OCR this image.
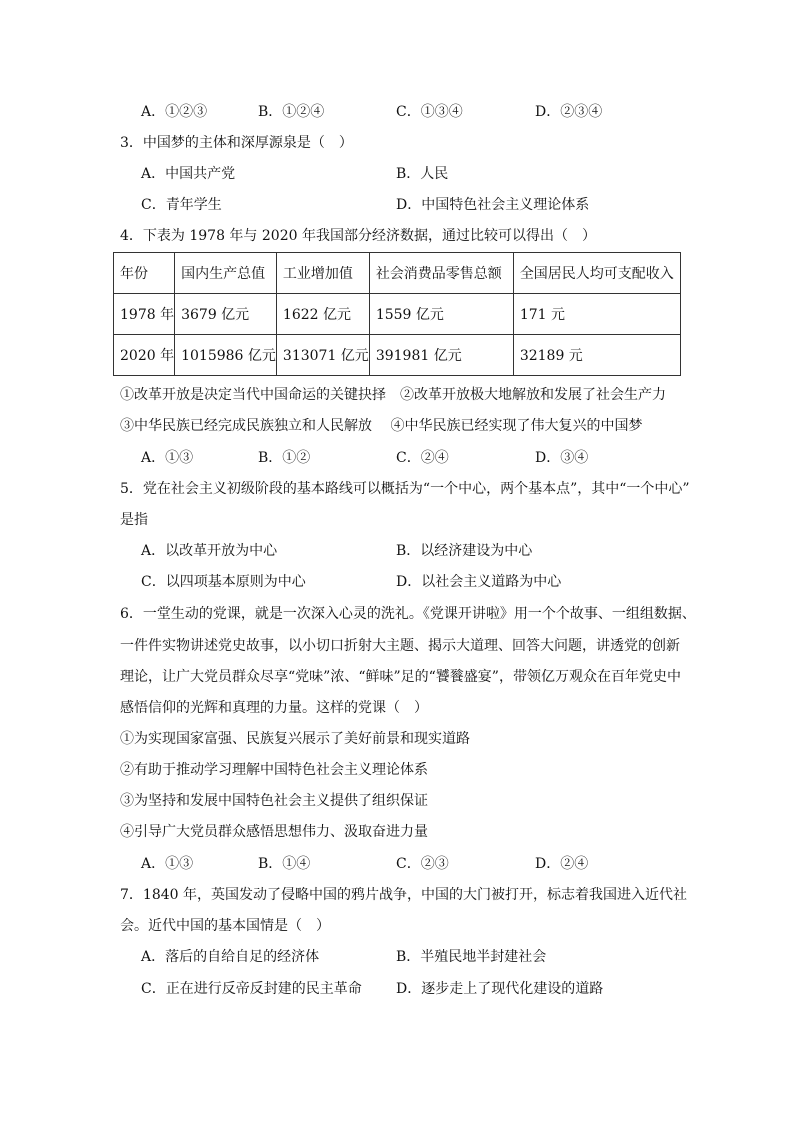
A．①②③	B．①②④	C．①③④	D．②③④
3．中国梦的主体和深厚源泉是（　）
A．中国共产党	B．人民
C．青年学生	D．中国特色社会主义理论体系
4．下表为 1978 年与 2020 年我国部分经济数据，通过比较可以得出（　）
年份	国内生产总值	工业增加值	社会消费品零售总额	全国居民人均可支配收入
1978 年	3679 亿元	1622 亿元	1559 亿元	171 元
2020 年	1015986 亿元	313071 亿元	391981 亿元	32189 元
①改革开放是决定当代中国命运的关键抉择　②改革开放极大地解放和发展了社会生产力
③中华民族已经完成民族独立和人民解放　 ④中华民族已经实现了伟大复兴的中国梦
A．①③	B．①②	C．②④	D．③④
5．党在社会主义初级阶段的基本路线可以概括为“一个中心，两个基本点”，其中“一个中心”
是指
A．以改革开放为中心	B．以经济建设为中心
C．以四项基本原则为中心	D．以社会主义道路为中心
6．一堂生动的党课，就是一次深入心灵的洗礼。《党课开讲啦》用一个个故事、一组组数据、
一件件实物讲述党史故事，以小切口折射大主题、揭示大道理、回答大问题，讲透党的创新
理论，让广大党员群众尽享“党味”浓、“鲜味”足的“饕餮盛宴”，带领亿万观众在百年党史中
感悟信仰的光辉和真理的力量。这样的党课（　）
①为实现国家富强、民族复兴展示了美好前景和现实道路
②有助于推动学习理解中国特色社会主义理论体系
③为坚持和发展中国特色社会主义提供了组织保证
④引导广大党员群众感悟思想伟力、汲取奋进力量
A．①③	B．①④	C．②③	D．②④
7．1840 年，英国发动了侵略中国的鸦片战争，中国的大门被打开，标志着我国进入近代社
会。近代中国的基本国情是（　）
A．落后的自给自足的经济体	B．半殖民地半封建社会
C．正在进行反帝反封建的民主革命 D．逐步走上了现代化建设的道路
